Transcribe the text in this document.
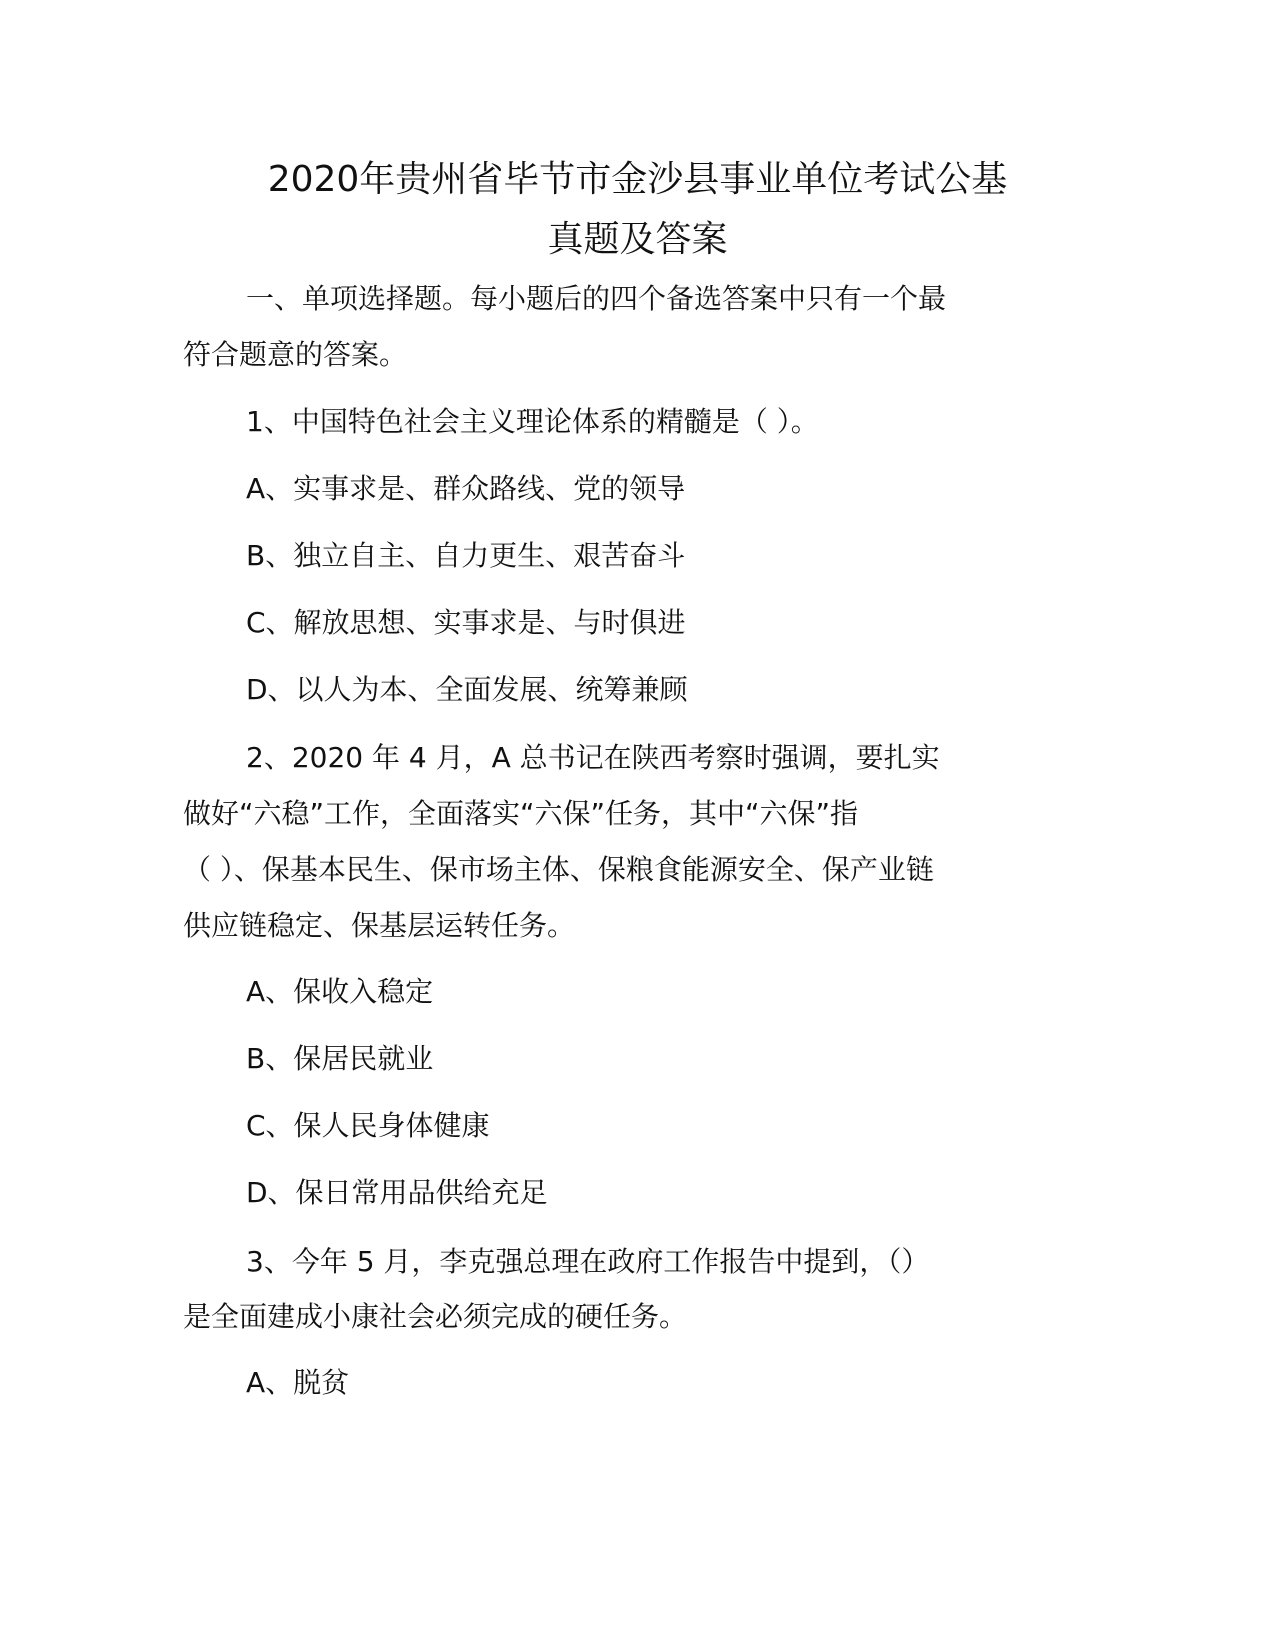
2020年贵州省毕节市金沙县事业单位考试公基
真题及答案
一、单项选择题。每小题后的四个备选答案中只有一个最
符合题意的答案。
1、中国特色社会主义理论体系的精髓是（ ）。
A、实事求是、群众路线、党的领导
B、独立自主、自力更生、艰苦奋斗
C、解放思想、实事求是、与时俱进
D、以人为本、全面发展、统筹兼顾
2、2020 年 4 月，A 总书记在陕西考察时强调，要扎实
做好“六稳”工作，全面落实“六保”任务，其中“六保”指
（ ）、保基本民生、保市场主体、保粮食能源安全、保产业链
供应链稳定、保基层运转任务。
A、保收入稳定
B、保居民就业
C、保人民身体健康
D、保日常用品供给充足
3、今年 5 月，李克强总理在政府工作报告中提到，（）
是全面建成小康社会必须完成的硬任务。
A、脱贫
